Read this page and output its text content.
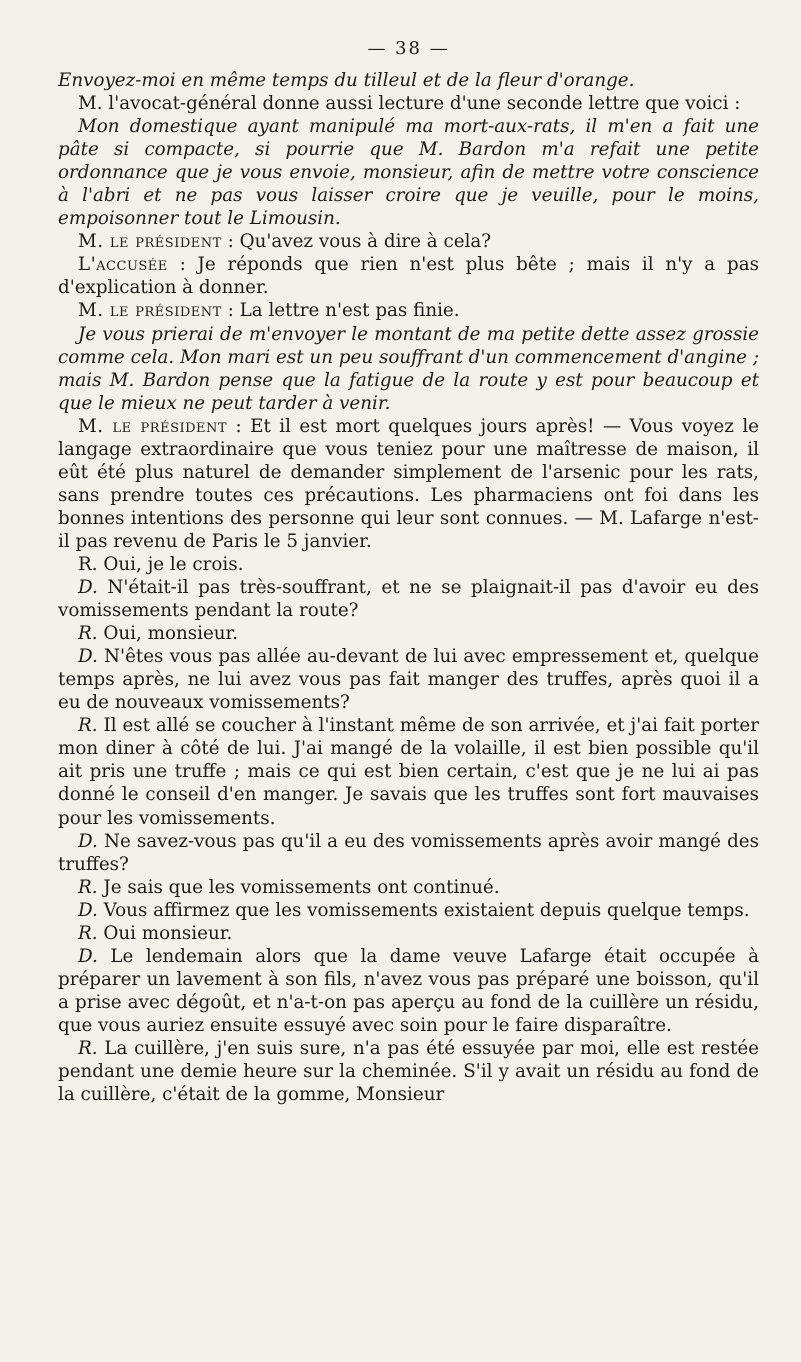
— 38 —

Envoyez-moi en même temps du tilleul et de la fleur d'orange.

M. l'avocat-général donne aussi lecture d'une seconde lettre que voici :

Mon domestique ayant manipulé ma mort-aux-rats, il m'en a fait une pâte si compacte, si pourrie que M. Bardon m'a refait une petite ordonnance que je vous envoie, monsieur, afin de mettre votre conscience à l'abri et ne pas vous laisser croire que je veuille, pour le moins, empoisonner tout le Limousin.

M. le président : Qu'avez vous à dire à cela?

L'accusée : Je réponds que rien n'est plus bête ; mais il n'y a pas d'explication à donner.

M. le président : La lettre n'est pas finie.

Je vous prierai de m'envoyer le montant de ma petite dette assez grossie comme cela. Mon mari est un peu souffrant d'un commencement d'angine ; mais M. Bardon pense que la fatigue de la route y est pour beaucoup et que le mieux ne peut tarder à venir.

M. le président : Et il est mort quelques jours après! — Vous voyez le langage extraordinaire que vous teniez pour une maîtresse de maison, il eût été plus naturel de demander simplement de l'arsenic pour les rats, sans prendre toutes ces précautions. Les pharmaciens ont foi dans les bonnes intentions des personne qui leur sont connues. — M. Lafarge n'est-il pas revenu de Paris le 5 janvier.

R. Oui, je le crois.

D. N'était-il pas très-souffrant, et ne se plaignait-il pas d'avoir eu des vomissements pendant la route?

R. Oui, monsieur.

D. N'êtes vous pas allée au-devant de lui avec empressement et, quelque temps après, ne lui avez vous pas fait manger des truffes, après quoi il a eu de nouveaux vomissements?

R. Il est allé se coucher à l'instant même de son arrivée, et j'ai fait porter mon diner à côté de lui. J'ai mangé de la volaille, il est bien possible qu'il ait pris une truffe ; mais ce qui est bien certain, c'est que je ne lui ai pas donné le conseil d'en manger. Je savais que les truffes sont fort mauvaises pour les vomissements.

D. Ne savez-vous pas qu'il a eu des vomissements après avoir mangé des truffes?

R. Je sais que les vomissements ont continué.

D. Vous affirmez que les vomissements existaient depuis quelque temps.

R. Oui monsieur.

D. Le lendemain alors que la dame veuve Lafarge était occupée à préparer un lavement à son fils, n'avez vous pas préparé une boisson, qu'il a prise avec dégoût, et n'a-t-on pas aperçu au fond de la cuillère un résidu, que vous auriez ensuite essuyé avec soin pour le faire disparaître.

R. La cuillère, j'en suis sure, n'a pas été essuyée par moi, elle est restée pendant une demie heure sur la cheminée. S'il y avait un résidu au fond de la cuillère, c'était de la gomme, Monsieur
